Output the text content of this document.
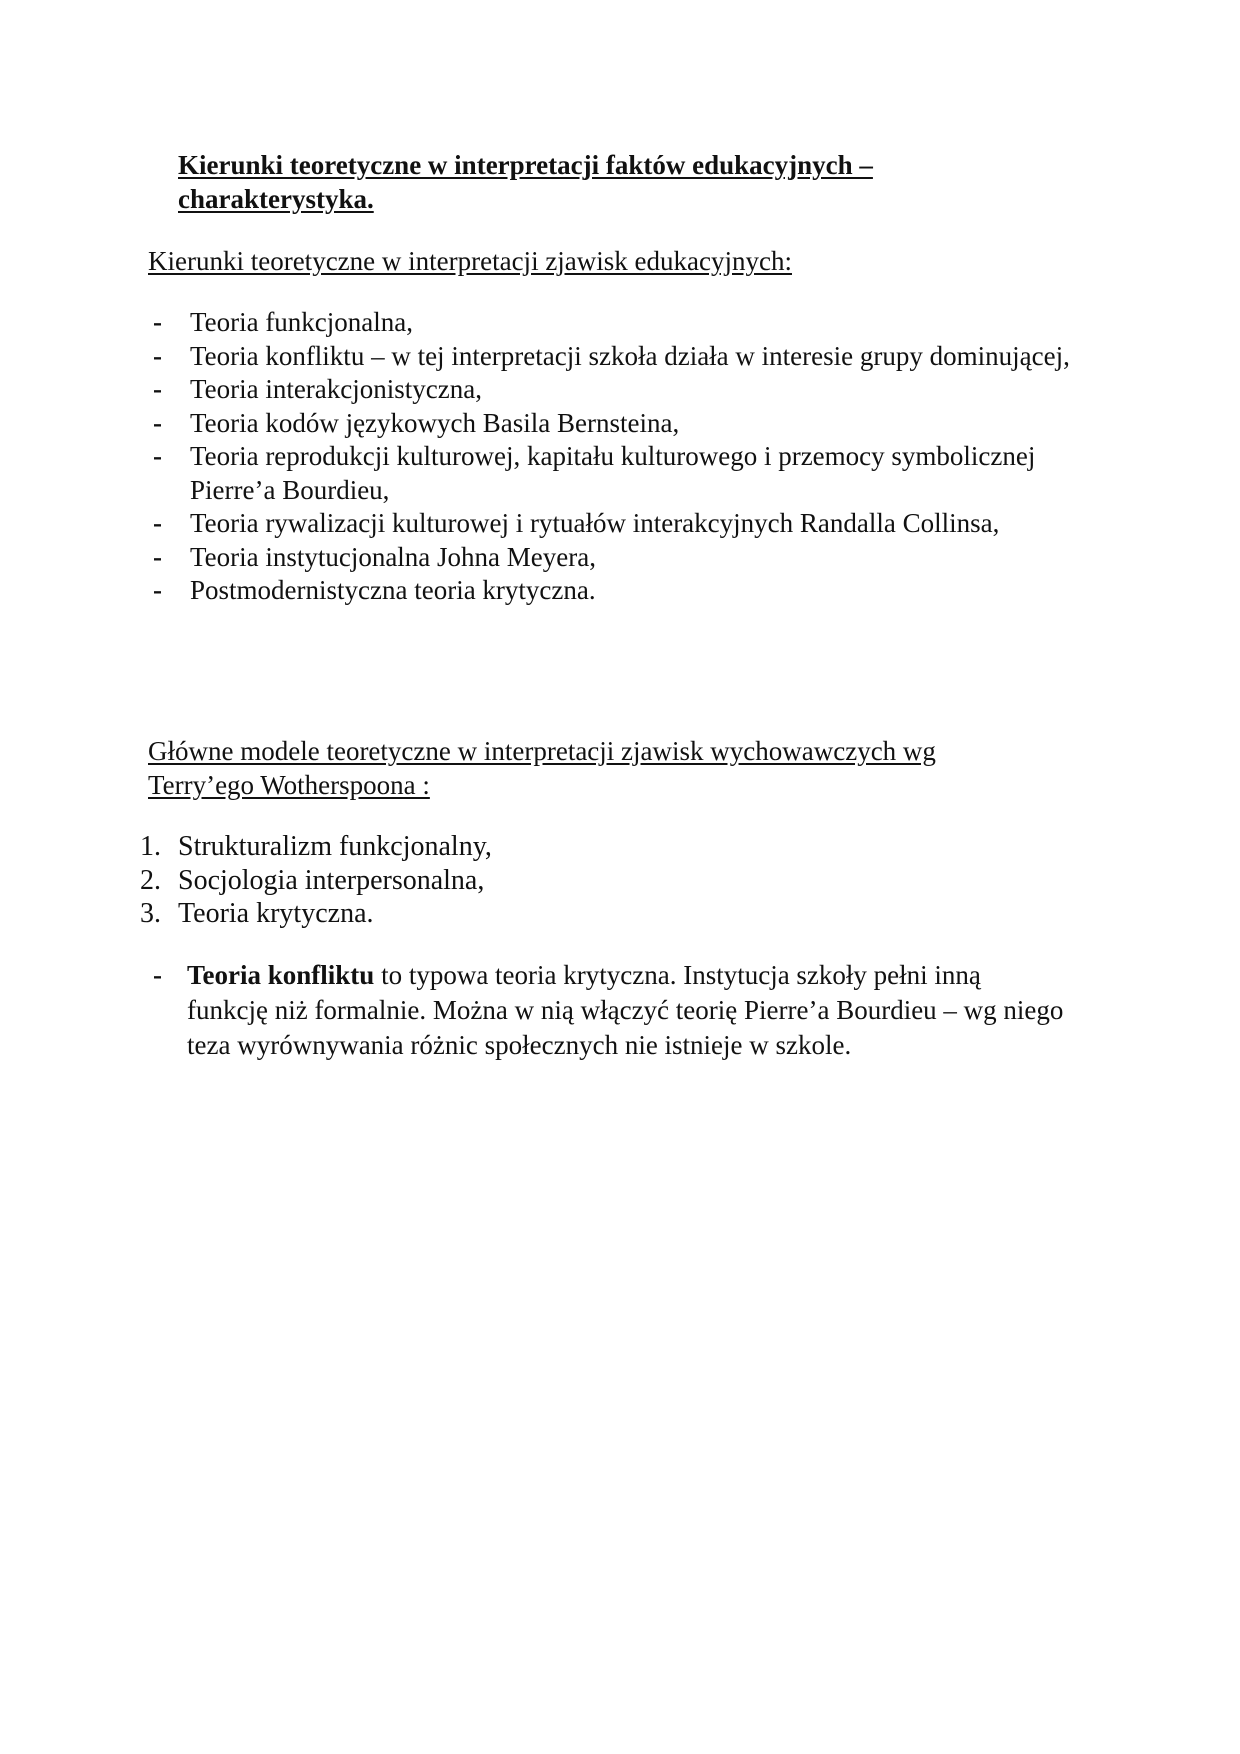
Kierunki teoretyczne w interpretacji faktów edukacyjnych –
charakterystyka.
Kierunki teoretyczne w interpretacji zjawisk edukacyjnych:
- Teoria funkcjonalna,
- Teoria konfliktu – w tej interpretacji szkoła działa w interesie grupy dominującej,
- Teoria interakcjonistyczna,
- Teoria kodów językowych Basila Bernsteina,
- Teoria reprodukcji kulturowej, kapitału kulturowego i przemocy symbolicznej Pierre’a Bourdieu,
- Teoria rywalizacji kulturowej i rytuałów interakcyjnych Randalla Collinsa,
- Teoria instytucjonalna Johna Meyera,
- Postmodernistyczna teoria krytyczna.
Główne modele teoretyczne w interpretacji zjawisk wychowawczych wg Terry’ego Wotherspoona :
1. Strukturalizm funkcjonalny,
2. Socjologia interpersonalna,
3. Teoria krytyczna.
- Teoria konfliktu to typowa teoria krytyczna. Instytucja szkoły pełni inną funkcję niż formalnie. Można w nią włączyć teorię Pierre’a Bourdieu – wg niego teza wyrównywania różnic społecznych nie istnieje w szkole.
